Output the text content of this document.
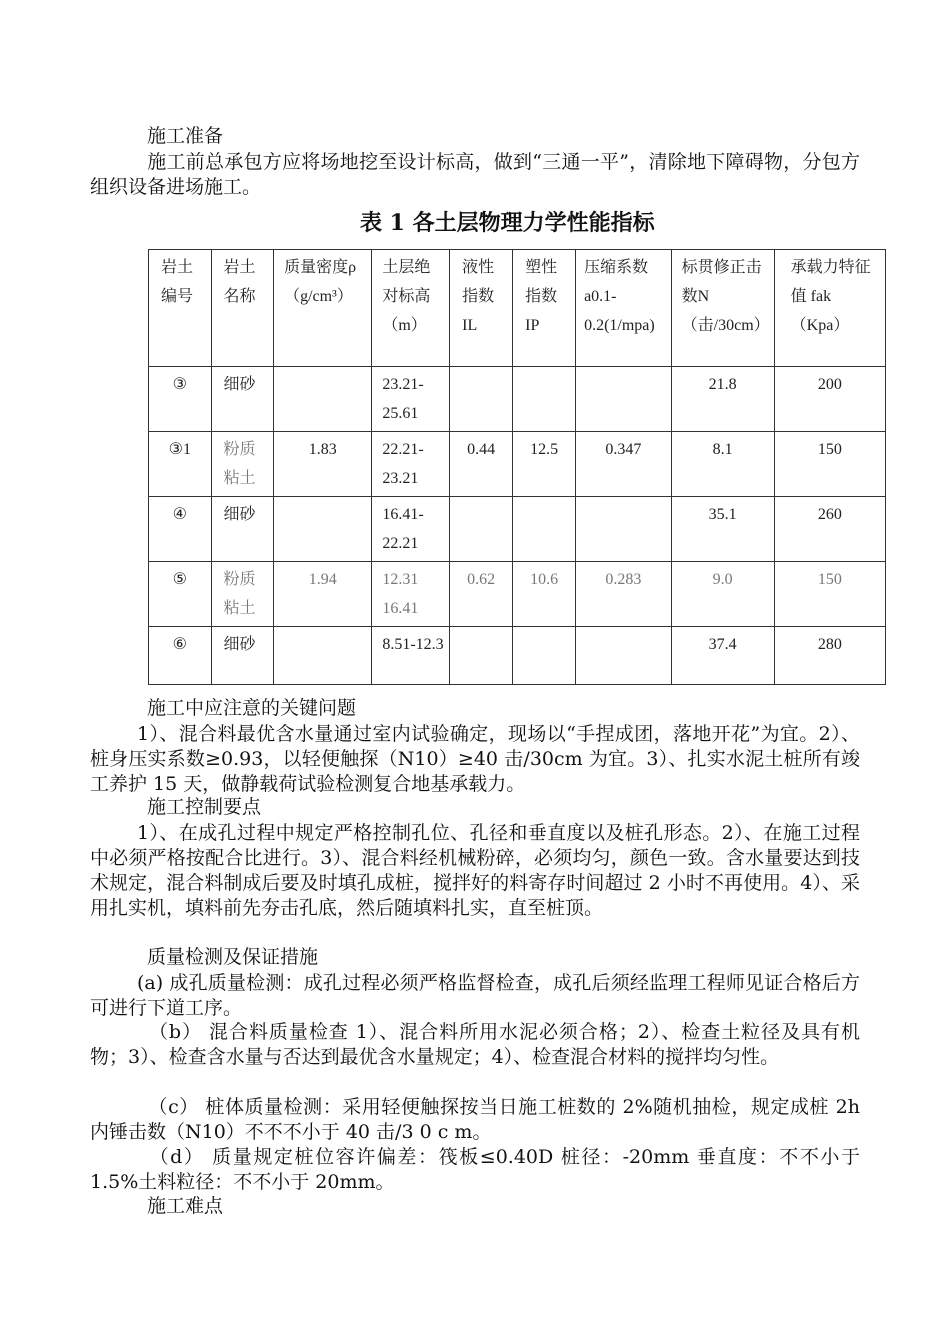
施工准备

施工前总承包方应将场地挖至设计标高，做到“三通一平”，清除地下障碍物，分包方组织设备进场施工。

表 1 各土层物理力学性能指标

岩土编号	岩土名称	质量密度ρ（g/cm³）	土层绝对标高（m）	液性指数IL	塑性指数IP	压缩系数a0.1-0.2(1/mpa)	标贯修正击数N（击/30cm）	承载力特征值 fak（Kpa）
③	细砂		23.21-25.61				21.8	200
③1	粉质粘土	1.83	22.21-23.21	0.44	12.5	0.347	8.1	150
④	细砂		16.41-22.21				35.1	260
⑤	粉质粘土	1.94	12.31 16.41	0.62	10.6	0.283	9.0	150
⑥	细砂		8.51-12.3				37.4	280

施工中应注意的关键问题

1）、混合料最优含水量通过室内试验确定，现场以“手捏成团，落地开花”为宜。2）、桩身压实系数≥0.93，以轻便触探（N10）≥40 击/30cm 为宜。3）、扎实水泥土桩所有竣工养护 15 天，做静载荷试验检测复合地基承载力。

施工控制要点

1）、在成孔过程中规定严格控制孔位、孔径和垂直度以及桩孔形态。2）、在施工过程中必须严格按配合比进行。3）、混合料经机械粉碎，必须均匀，颜色一致。含水量要达到技术规定，混合料制成后要及时填孔成桩，搅拌好的料寄存时间超过 2 小时不再使用。4）、采用扎实机，填料前先夯击孔底，然后随填料扎实，直至桩顶。

质量检测及保证措施

(a) 成孔质量检测：成孔过程必须严格监督检查，成孔后须经监理工程师见证合格后方可进行下道工序。

（b） 混合料质量检查 1）、混合料所用水泥必须合格；2）、检查土粒径及具有机物；3）、检查含水量与否达到最优含水量规定；4）、检查混合材料的搅拌均匀性。

（c） 桩体质量检测：采用轻便触探按当日施工桩数的 2%随机抽检，规定成桩 2h 内锤击数（N10）不不不小于 40 击/3 0 c m。

（d） 质量规定桩位容许偏差：筏板≤0.40D 桩径：-20mm 垂直度：不不小于 1.5%土料粒径：不不小于 20mm。

施工难点
